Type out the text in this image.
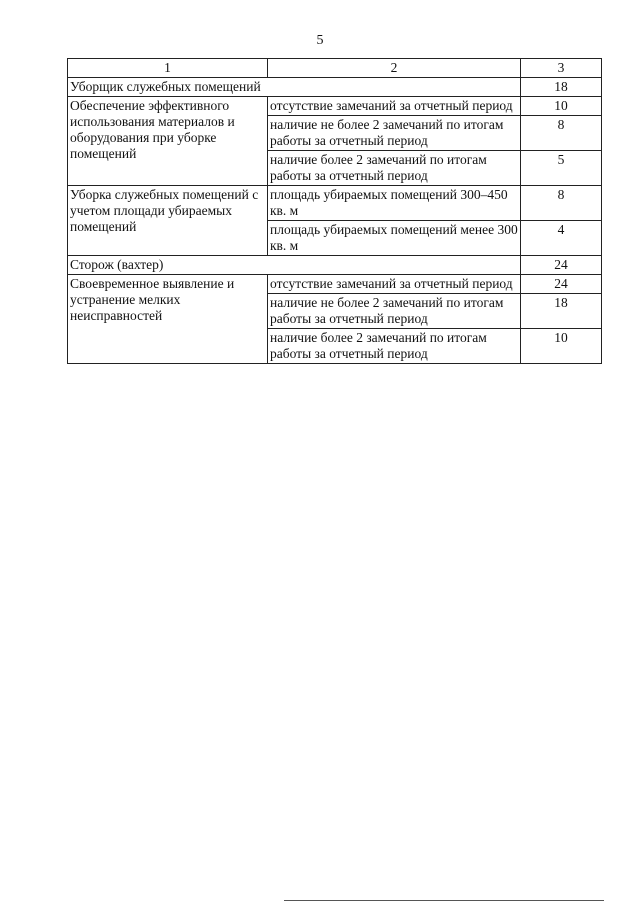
5
1	2	3
Уборщик служебных помещений		18
Обеспечение эффективного использования материалов и оборудования при уборке помещений	отсутствие замечаний за отчетный период	10
	наличие не более 2 замечаний по итогам работы за отчетный период	8
	наличие более 2 замечаний по итогам работы за отчетный период	5
Уборка служебных помещений с учетом площади убираемых помещений	площадь убираемых помещений 300–450 кв. м	8
	площадь убираемых помещений менее 300 кв. м	4
Сторож (вахтер)		24
Своевременное выявление и устранение мелких неисправностей	отсутствие замечаний за отчетный период	24
	наличие не более 2 замечаний по итогам работы за отчетный период	18
	наличие более 2 замечаний по итогам работы за отчетный период	10
